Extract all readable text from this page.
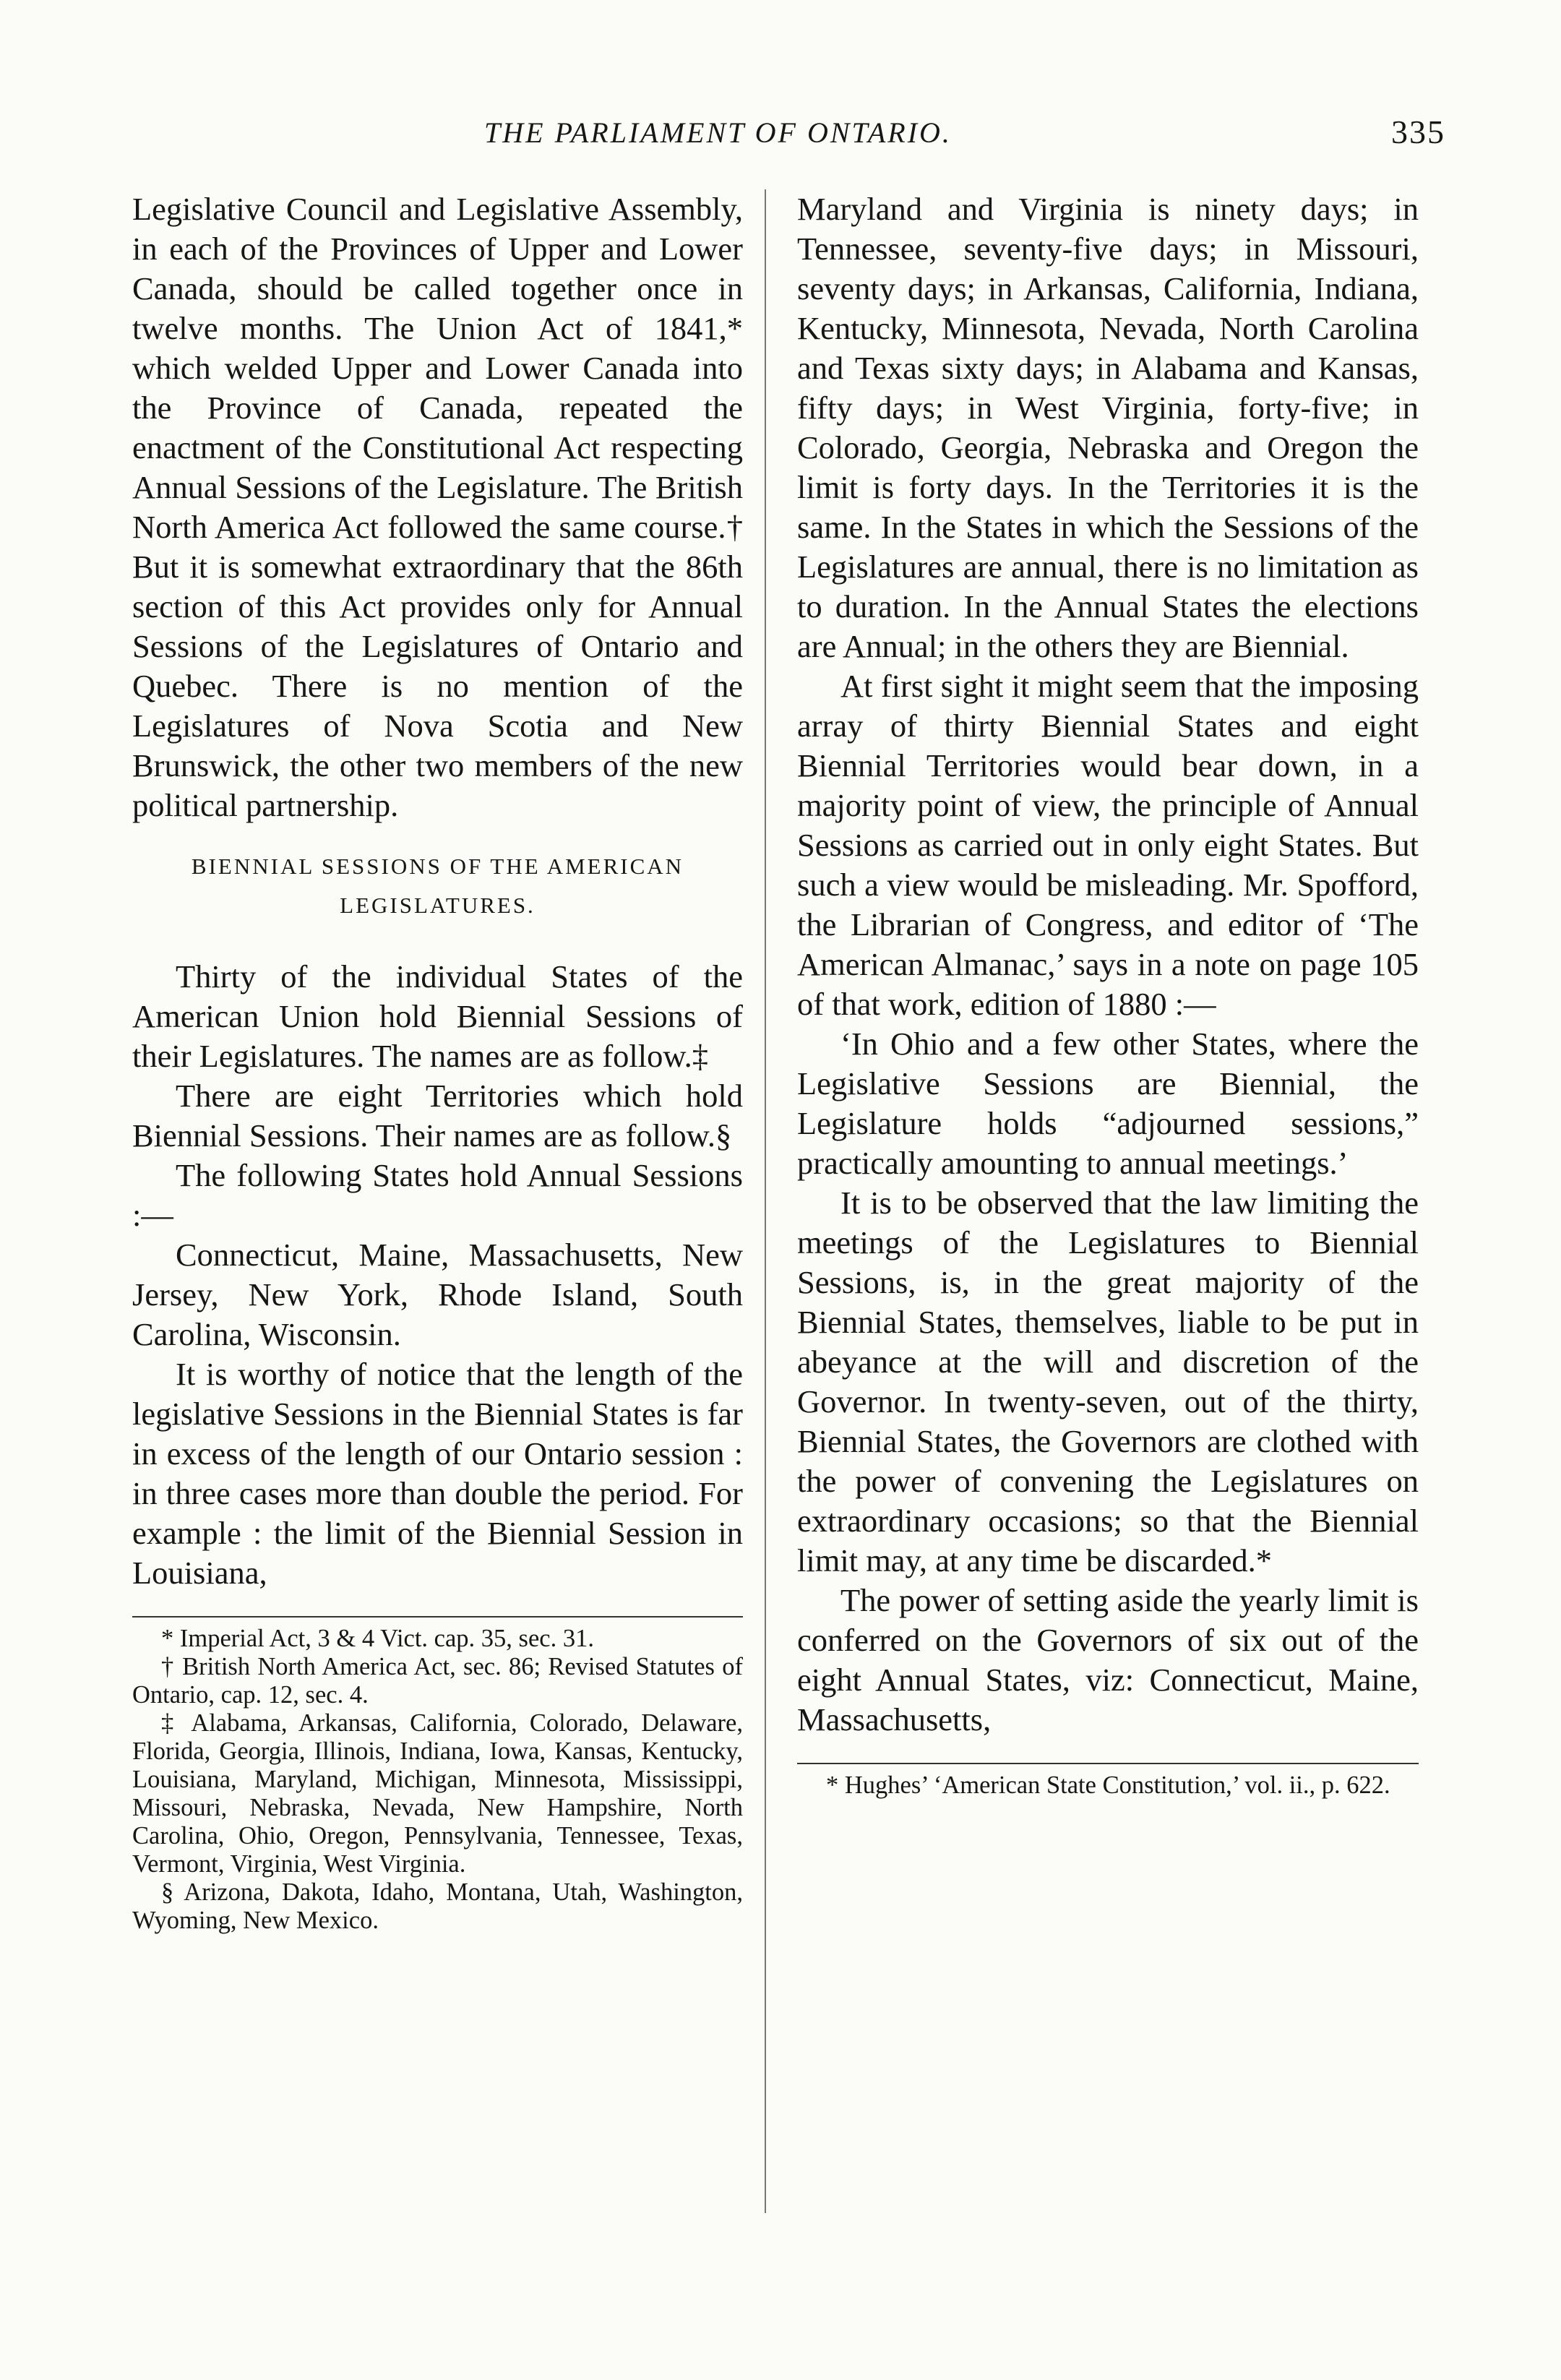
THE PARLIAMENT OF ONTARIO.	335

Legislative Council and Legislative Assembly, in each of the Provinces of Upper and Lower Canada, should be called together once in twelve months. The Union Act of 1841,* which welded Upper and Lower Canada into the Province of Canada, repeated the enactment of the Constitutional Act respecting Annual Sessions of the Legislature. The British North America Act followed the same course.† But it is somewhat extraordinary that the 86th section of this Act provides only for Annual Sessions of the Legislatures of Ontario and Quebec. There is no mention of the Legislatures of Nova Scotia and New Brunswick, the other two members of the new political partnership.

BIENNIAL SESSIONS OF THE AMERICAN
LEGISLATURES.

Thirty of the individual States of the American Union hold Biennial Sessions of their Legislatures. The names are as follow.‡

There are eight Territories which hold Biennial Sessions. Their names are as follow.§

The following States hold Annual Sessions :—

Connecticut, Maine, Massachusetts, New Jersey, New York, Rhode Island, South Carolina, Wisconsin.

It is worthy of notice that the length of the legislative Sessions in the Biennial States is far in excess of the length of our Ontario session : in three cases more than double the period. For example : the limit of the Biennial Session in Louisiana,

* Imperial Act, 3 & 4 Vict. cap. 35, sec. 31.

† British North America Act, sec. 86; Revised Statutes of Ontario, cap. 12, sec. 4.

‡ Alabama, Arkansas, California, Colorado, Delaware, Florida, Georgia, Illinois, Indiana, Iowa, Kansas, Kentucky, Louisiana, Maryland, Michigan, Minnesota, Mississippi, Missouri, Nebraska, Nevada, New Hampshire, North Carolina, Ohio, Oregon, Pennsylvania, Tennessee, Texas, Vermont, Virginia, West Virginia.

§ Arizona, Dakota, Idaho, Montana, Utah, Washington, Wyoming, New Mexico.

Maryland and Virginia is ninety days; in Tennessee, seventy-five days; in Missouri, seventy days; in Arkansas, California, Indiana, Kentucky, Minnesota, Nevada, North Carolina and Texas sixty days; in Alabama and Kansas, fifty days; in West Virginia, forty-five; in Colorado, Georgia, Nebraska and Oregon the limit is forty days. In the Territories it is the same. In the States in which the Sessions of the Legislatures are annual, there is no limitation as to duration. In the Annual States the elections are Annual; in the others they are Biennial.

At first sight it might seem that the imposing array of thirty Biennial States and eight Biennial Territories would bear down, in a majority point of view, the principle of Annual Sessions as carried out in only eight States. But such a view would be misleading. Mr. Spofford, the Librarian of Congress, and editor of ‘The American Almanac,’ says in a note on page 105 of that work, edition of 1880 :—

‘In Ohio and a few other States, where the Legislative Sessions are Biennial, the Legislature holds “adjourned sessions,” practically amounting to annual meetings.’

It is to be observed that the law limiting the meetings of the Legislatures to Biennial Sessions, is, in the great majority of the Biennial States, themselves, liable to be put in abeyance at the will and discretion of the Governor. In twenty-seven, out of the thirty, Biennial States, the Governors are clothed with the power of convening the Legislatures on extraordinary occasions; so that the Biennial limit may, at any time be discarded.*

The power of setting aside the yearly limit is conferred on the Governors of six out of the eight Annual States, viz: Connecticut, Maine, Massachusetts,

* Hughes’ ‘American State Constitution,’ vol. ii., p. 622.
